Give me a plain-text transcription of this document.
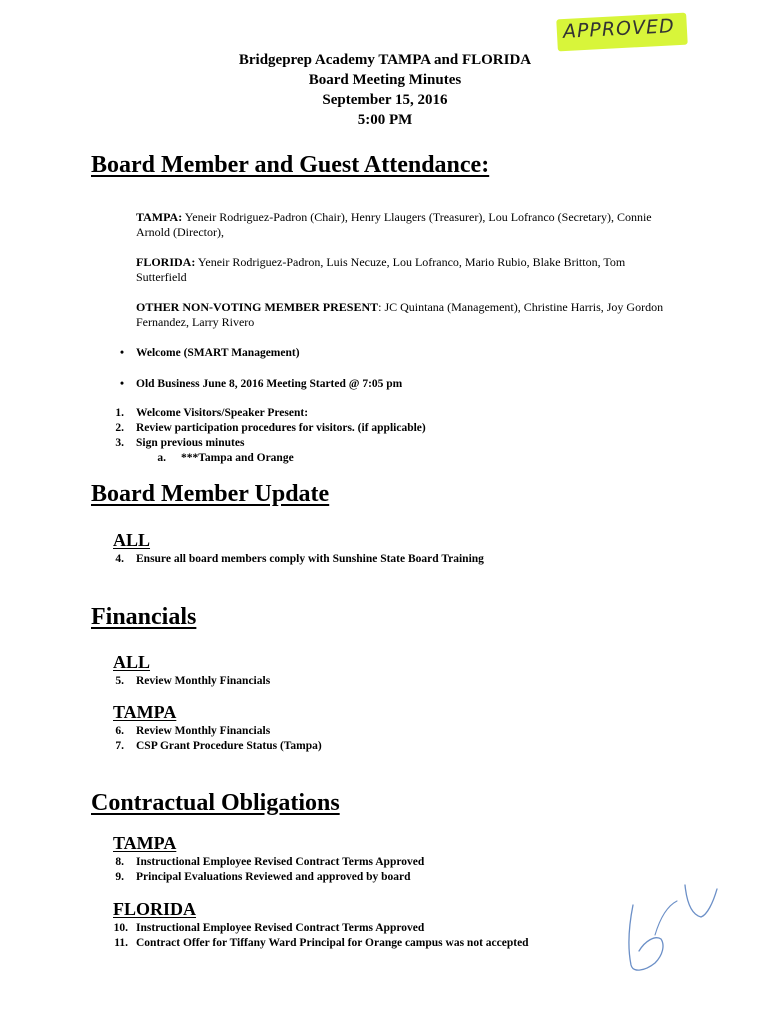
APPROVED
Bridgeprep Academy TAMPA and FLORIDA
Board Meeting Minutes
September 15, 2016
5:00 PM
Board Member and Guest Attendance:
TAMPA: Yeneir Rodriguez-Padron (Chair), Henry Llaugers (Treasurer), Lou Lofranco (Secretary), Connie Arnold (Director),
FLORIDA: Yeneir Rodriguez-Padron, Luis Necuze, Lou Lofranco, Mario Rubio, Blake Britton, Tom Sutterfield
OTHER NON-VOTING MEMBER PRESENT: JC Quintana (Management), Christine Harris, Joy Gordon Fernandez, Larry Rivero
• Welcome (SMART Management)
• Old Business June 8, 2016 Meeting Started @ 7:05 pm
1. Welcome Visitors/Speaker Present:
2. Review participation procedures for visitors. (if applicable)
3. Sign previous minutes
a. ***Tampa and Orange
Board Member Update
ALL
4. Ensure all board members comply with Sunshine State Board Training
Financials
ALL
5. Review Monthly Financials
TAMPA
6. Review Monthly Financials
7. CSP Grant Procedure Status (Tampa)
Contractual Obligations
TAMPA
8. Instructional Employee Revised Contract Terms Approved
9. Principal Evaluations Reviewed and approved by board
FLORIDA
10. Instructional Employee Revised Contract Terms Approved
11. Contract Offer for Tiffany Ward Principal for Orange campus was not accepted
